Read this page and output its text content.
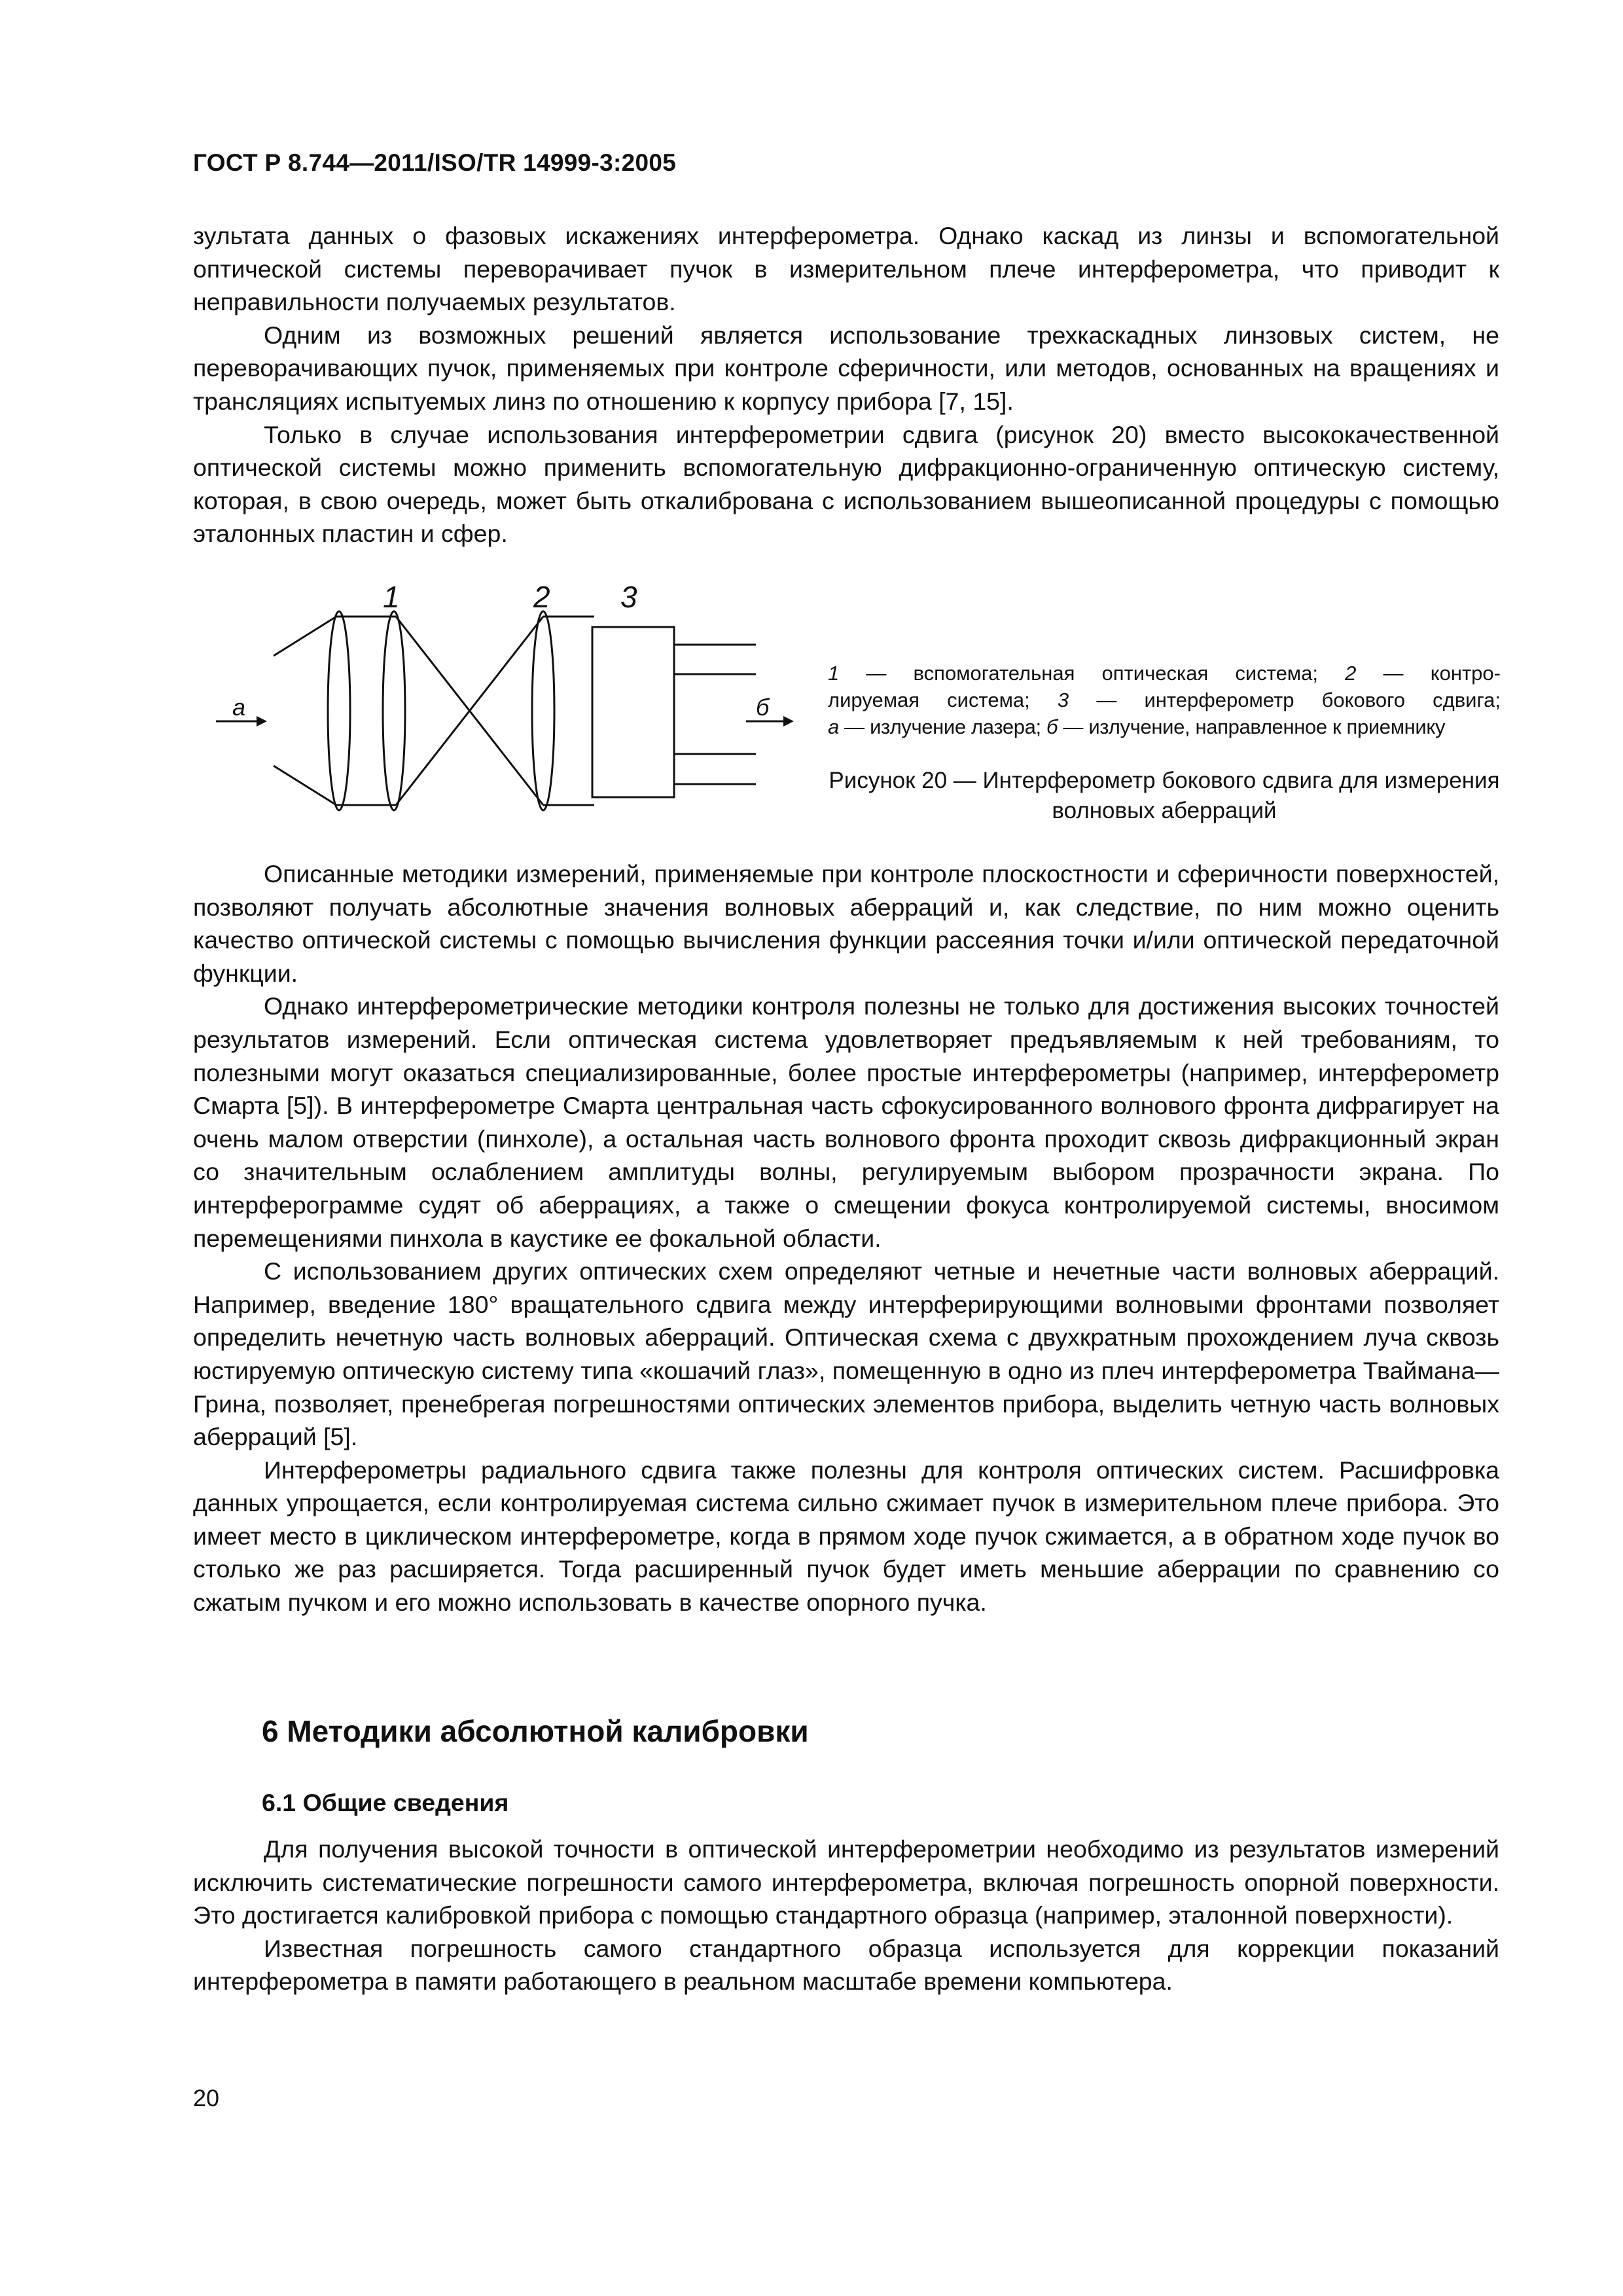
ГОСТ Р 8.744—2011/ISO/TR 14999-3:2005

зультата данных о фазовых искажениях интерферометра. Однако каскад из линзы и вспомогательной оптической системы переворачивает пучок в измерительном плече интерферометра, что приводит к неправильности получаемых результатов.

Одним из возможных решений является использование трехкаскадных линзовых систем, не переворачивающих пучок, применяемых при контроле сферичности, или методов, основанных на вращениях и трансляциях испытуемых линз по отношению к корпусу прибора [7, 15].

Только в случае использования интерферометрии сдвига (рисунок 20) вместо высококачественной оптической системы можно применить вспомогательную дифракционно-ограниченную оптическую систему, которая, в свою очередь, может быть откалибрована с использованием вышеописанной процедуры с помощью эталонных пластин и сфер.

1	2 3
а	б
1 — вспомогательная оптическая система; 2 — контро-
лируемая система; 3 — интерферометр бокового сдвига;
а — излучение лазера; б — излучение, направленное к приемнику

Рисунок 20 — Интерферометр бокового сдвига для измерения волновых аберраций

Описанные методики измерений, применяемые при контроле плоскостности и сферичности поверхностей, позволяют получать абсолютные значения волновых аберраций и, как следствие, по ним можно оценить качество оптической системы с помощью вычисления функции рассеяния точки и/или оптической передаточной функции.

Однако интерферометрические методики контроля полезны не только для достижения высоких точностей результатов измерений. Если оптическая система удовлетворяет предъявляемым к ней требованиям, то полезными могут оказаться специализированные, более простые интерферометры (например, интерферометр Смарта [5]). В интерферометре Смарта центральная часть сфокусированного волнового фронта дифрагирует на очень малом отверстии (пинхоле), а остальная часть волнового фронта проходит сквозь дифракционный экран со значительным ослаблением амплитуды волны, регулируемым выбором прозрачности экрана. По интерферограмме судят об аберрациях, а также о смещении фокуса контролируемой системы, вносимом перемещениями пинхола в каустике ее фокальной области.

С использованием других оптических схем определяют четные и нечетные части волновых аберраций. Например, введение 180° вращательного сдвига между интерферирующими волновыми фронтами позволяет определить нечетную часть волновых аберраций. Оптическая схема с двухкратным прохождением луча сквозь юстируемую оптическую систему типа «кошачий глаз», помещенную в одно из плеч интерферометра Тваймана—Грина, позволяет, пренебрегая погрешностями оптических элементов прибора, выделить четную часть волновых аберраций [5].

Интерферометры радиального сдвига также полезны для контроля оптических систем. Расшифровка данных упрощается, если контролируемая система сильно сжимает пучок в измерительном плече прибора. Это имеет место в циклическом интерферометре, когда в прямом ходе пучок сжимается, а в обратном ходе пучок во столько же раз расширяется. Тогда расширенный пучок будет иметь меньшие аберрации по сравнению со сжатым пучком и его можно использовать в качестве опорного пучка.

6 Методики абсолютной калибровки
6.1 Общие сведения

Для получения высокой точности в оптической интерферометрии необходимо из результатов измерений исключить систематические погрешности самого интерферометра, включая погрешность опорной поверхности. Это достигается калибровкой прибора с помощью стандартного образца (например, эталонной поверхности).

Известная погрешность самого стандартного образца используется для коррекции показаний интерферометра в памяти работающего в реальном масштабе времени компьютера.

20
